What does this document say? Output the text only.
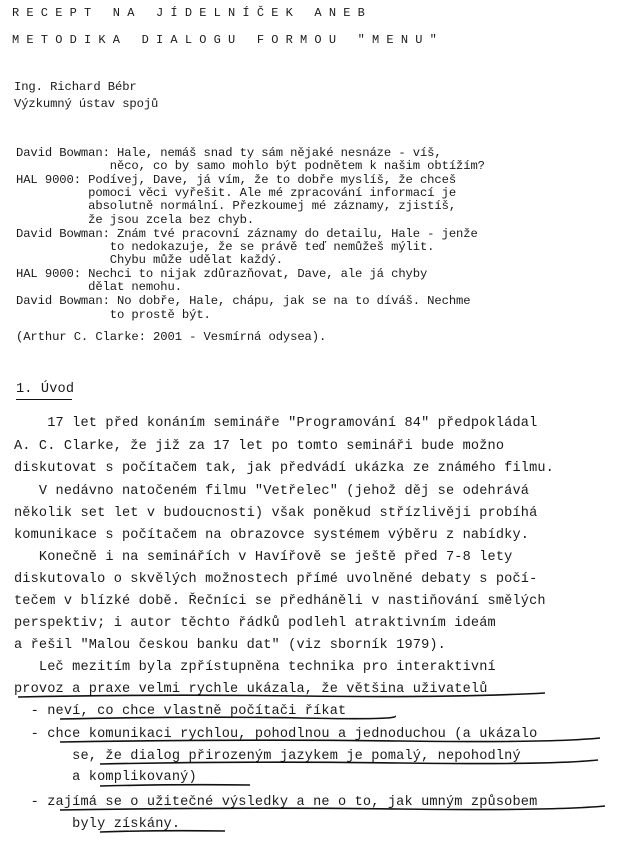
RECEPT NA JÍDELNÍČEK ANEB
METODIKA DIALOGU FORMOU "MENU"
Ing. Richard Bébr
Výzkumný ústav spojů
David Bowman: Hale, nemáš snad ty sám nějaké nesnáze - víš,
něco, co by samo mohlo být podnětem k našim obtížím?
HAL 9000: Podívej, Dave, já vím, že to dobře myslíš, že chceš
pomoci věci vyřešit. Ale mé zpracování informací je
absolutně normální. Přezkoumej mé záznamy, zjistíš,
že jsou zcela bez chyb.
David Bowman: Znám tvé pracovní záznamy do detailu, Hale - jenže
to nedokazuje, že se právě teď nemůžeš mýlit.
Chybu může udělat každý.
HAL 9000: Nechci to nijak zdůrazňovat, Dave, ale já chyby
dělat nemohu.
David Bowman: No dobře, Hale, chápu, jak se na to díváš. Nechme
to prostě být.
(Arthur C. Clarke: 2001 - Vesmírná odysea).
1. Úvod
17 let před konáním semináře "Programování 84" předpokládal
A. C. Clarke, že již za 17 let po tomto semináři bude možno
diskutovat s počítačem tak, jak předvádí ukázka ze známého filmu.
V nedávno natočeném filmu "Vetřelec" (jehož děj se odehrává
několik set let v budoucnosti) však poněkud střízlivěji probíhá
komunikace s počítačem na obrazovce systémem výběru z nabídky.
Konečně i na seminářích v Havířově se ještě před 7-8 lety
diskutovalo o skvělých možnostech přímé uvolněné debaty s počí-
tečem v blízké době. Řečníci se předháněli v nastiňování smělých
perspektiv; i autor těchto řádků podlehl atraktivním ideám
a řešil "Malou českou banku dat" (viz sborník 1979).
Leč mezitím byla zpřístupněna technika pro interaktivní
provoz a praxe velmi rychle ukázala, že většina uživatelů
- neví, co chce vlastně počítači říkat
- chce komunikaci rychlou, pohodlnou a jednoduchou (a ukázalo
se, že dialog přirozeným jazykem je pomalý, nepohodlný
a komplikovaný)
- zajímá se o užitečné výsledky a ne o to, jak umným způsobem
byly získány.
